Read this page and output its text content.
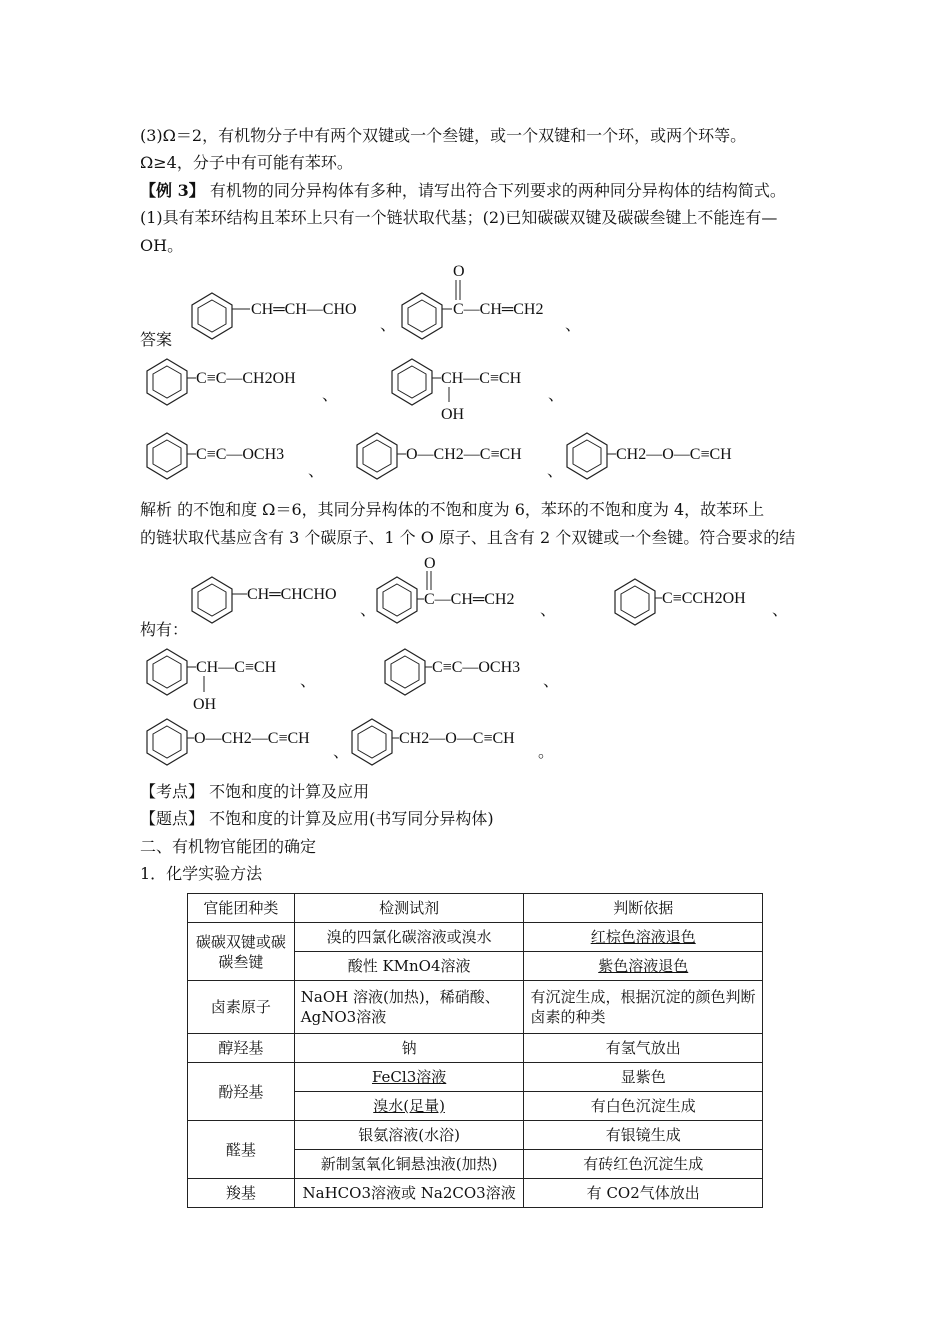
(3)Ω＝2，有机物分子中有两个双键或一个叁键，或一个双键和一个环，或两个环等。
Ω≥4，分子中有可能有苯环。
【例 3】 有机物的同分异构体有多种，请写出符合下列要求的两种同分异构体的结构简式。
(1)具有苯环结构且苯环上只有一个链状取代基；(2)已知碳碳双键及碳碳叁键上不能连有—
OH。
答案
CH═CH—CHO
、
O
C—CH═CH2
、
C≡C—CH2OH
、
CH—C≡CH
OH
、
C≡C—OCH3
、
O—CH2—C≡CH
、
CH2—O—C≡CH
解析 的不饱和度 Ω＝6，其同分异构体的不饱和度为 6，苯环的不饱和度为 4，故苯环上
的链状取代基应含有 3 个碳原子、1 个 O 原子、且含有 2 个双键或一个叁键。符合要求的结
构有：
CH═CHCHO
、
O
C—CH═CH2
、
C≡CCH2OH
、
CH—C≡CH
OH
、
C≡C—OCH3
、
O—CH2—C≡CH
、
CH2—O—C≡CH
。
【考点】 不饱和度的计算及应用
【题点】 不饱和度的计算及应用(书写同分异构体)
二、有机物官能团的确定
1．化学实验方法
官能团种类	检测试剂	判断依据
碳碳双键或碳碳叁键	溴的四氯化碳溶液或溴水	红棕色溶液退色
	酸性 KMnO4溶液	紫色溶液退色
卤素原子	NaOH 溶液(加热)，稀硝酸、AgNO3溶液	有沉淀生成，根据沉淀的颜色判断卤素的种类
醇羟基	钠	有氢气放出
酚羟基	FeCl3溶液	显紫色
	溴水(足量)	有白色沉淀生成
醛基	银氨溶液(水浴)	有银镜生成
	新制氢氧化铜悬浊液(加热)	有砖红色沉淀生成
羧基	NaHCO3溶液或 Na2CO3溶液	有 CO2气体放出
